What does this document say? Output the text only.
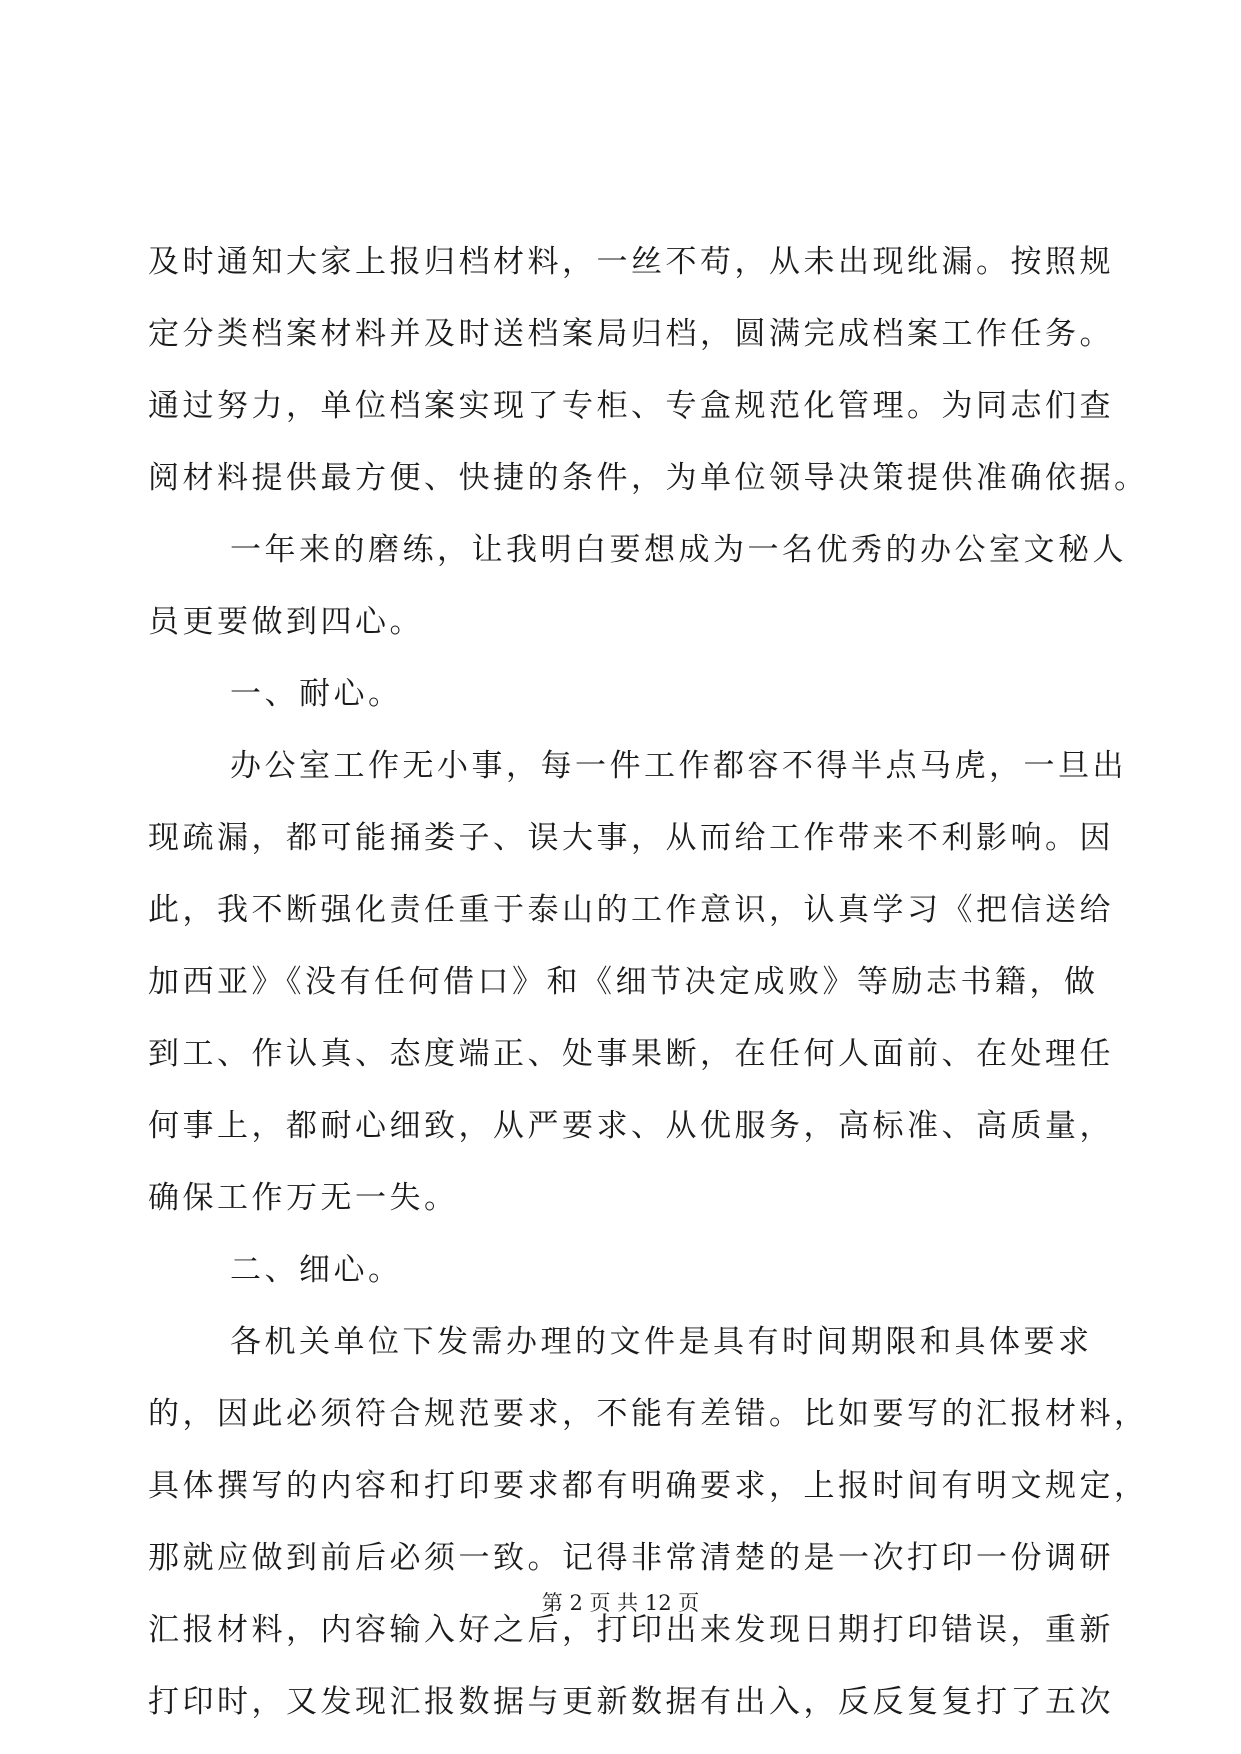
及时通知大家上报归档材料，一丝不苟，从未出现纰漏。按照规
定分类档案材料并及时送档案局归档，圆满完成档案工作任务。
通过努力，单位档案实现了专柜、专盒规范化管理。为同志们查
阅材料提供最方便、快捷的条件，为单位领导决策提供准确依据。
一年来的磨练，让我明白要想成为一名优秀的办公室文秘人
员更要做到四心。
一、耐心。
办公室工作无小事，每一件工作都容不得半点马虎，一旦出
现疏漏，都可能捅娄子、误大事，从而给工作带来不利影响。因
此，我不断强化责任重于泰山的工作意识，认真学习《把信送给
加西亚》《没有任何借口》和《细节决定成败》等励志书籍，做
到工、作认真、态度端正、处事果断，在任何人面前、在处理任
何事上，都耐心细致，从严要求、从优服务，高标准、高质量，
确保工作万无一失。
二、细心。
各机关单位下发需办理的文件是具有时间期限和具体要求
的，因此必须符合规范要求，不能有差错。比如要写的汇报材料，
具体撰写的内容和打印要求都有明确要求，上报时间有明文规定，
那就应做到前后必须一致。记得非常清楚的是一次打印一份调研
汇报材料，内容输入好之后，打印出来发现日期打印错误，重新
打印时，又发现汇报数据与更新数据有出入，反反复复打了五次
第 2 页 共 12 页
